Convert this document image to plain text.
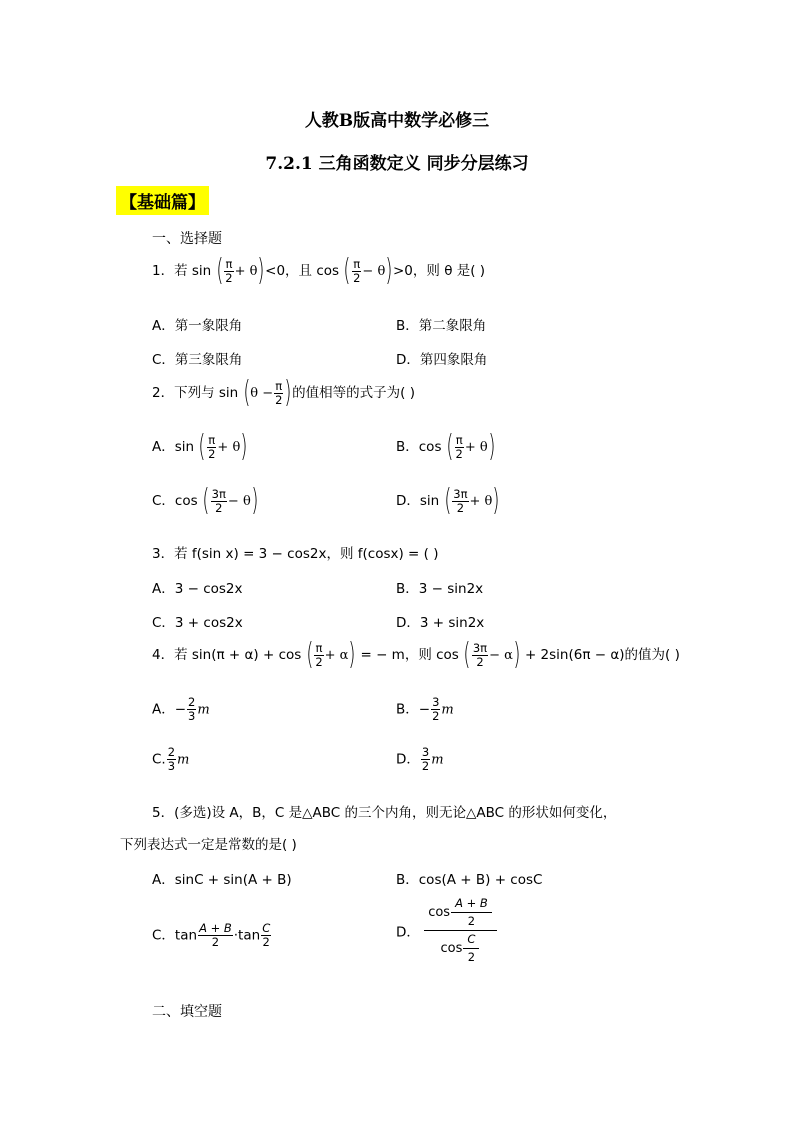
人教B版高中数学必修三
7.2.1 三角函数定义 同步分层练习
【基础篇】
一、选择题
1．若 sin ( $\frac{\pi}{2} + \theta)<0$，且 cos ( $\frac{\pi}{2} - \theta)>0$，则 θ 是( )
A．第一象限角	B．第二象限角
C．第三象限角	D．第四象限角
2．下列与 $\sin (\theta - \frac{\pi}{2}$ )的值相等的式子为( )
A．sin ( $\frac{\pi}{2} + \theta$)	B．cos ( $\frac{\pi}{2} + \theta$)
C．cos ( $\frac{3\pi}{2} - \theta$)	D．sin ( $\frac{3\pi}{2} + \theta$)
3．若 f(sin x) = 3 − cos2x，则 f(cosx) = ( )
A．3 − cos2x	B．3 − sin2x
C．3 + cos2x	D．3 + sin2x
4．若 sin(π + α) + cos ( $\frac{\pi}{2} + \alpha$) = − m，则 cos ( $\frac{3\pi}{2} - \alpha) + 2\sin(6\pi - \alpha)$的值为( )
A．− $\frac{2}{3}$ m	B．− $\frac{3}{2}$ m
C. $\frac{2}{3}$ m	D． $\frac{3}{2}$ m
5．(多选)设 A，B，C 是△ABC 的三个内角，则无论△ABC 的形状如何变化，
下列表达式一定是常数的是( )
A．sinC + sin(A + B)	B．cos(A + B) + cosC
C．$\tan \frac{A + B}{2} \cdot\tan \frac{C}{2}$	D． $\frac{\cos \frac{A + B}{2}}{\cos \frac{C}{2}}$
二、填空题
